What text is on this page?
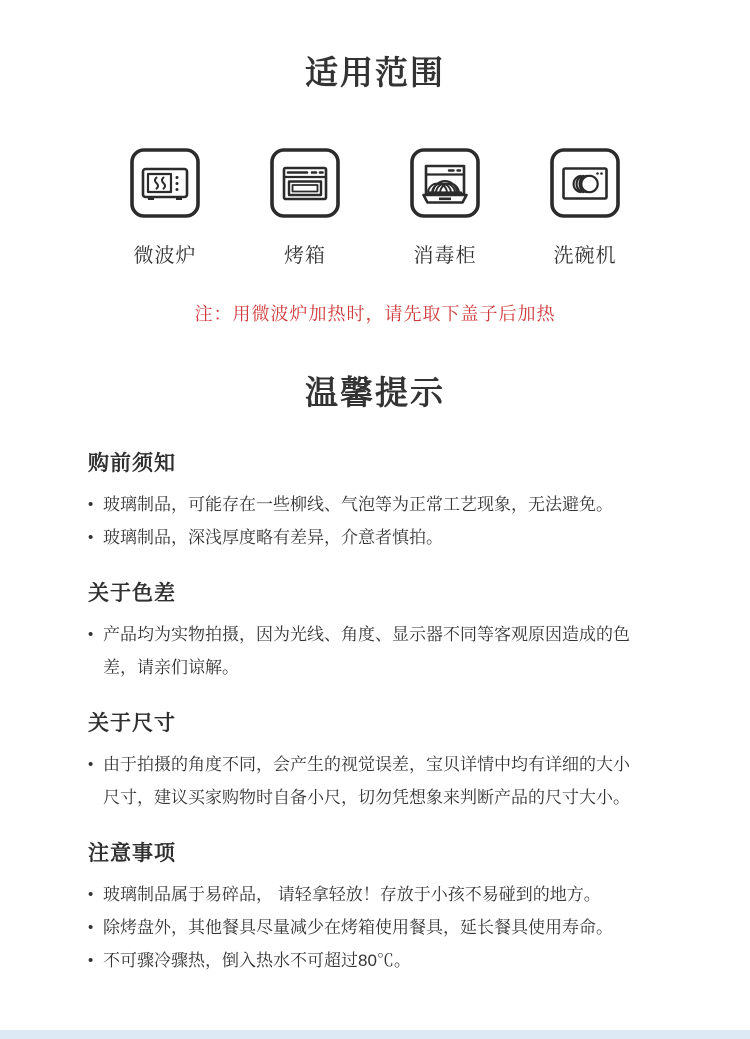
适用范围
微波炉	烤箱	消毒柜	洗碗机
注：用微波炉加热时，请先取下盖子后加热
温馨提示
购前须知
• 玻璃制品，可能存在一些柳线、气泡等为正常工艺现象，无法避免。
• 玻璃制品，深浅厚度略有差异，介意者慎拍。
关于色差
• 产品均为实物拍摄，因为光线、角度、显示器不同等客观原因造成的色差，请亲们谅解。
关于尺寸
• 由于拍摄的角度不同，会产生的视觉误差，宝贝详情中均有详细的大小尺寸，建议买家购物时自备小尺，切勿凭想象来判断产品的尺寸大小。
注意事项
• 玻璃制品属于易碎品， 请轻拿轻放！存放于小孩不易碰到的地方。
• 除烤盘外，其他餐具尽量减少在烤箱使用餐具，延长餐具使用寿命。
• 不可骤冷骤热，倒入热水不可超过80℃。
